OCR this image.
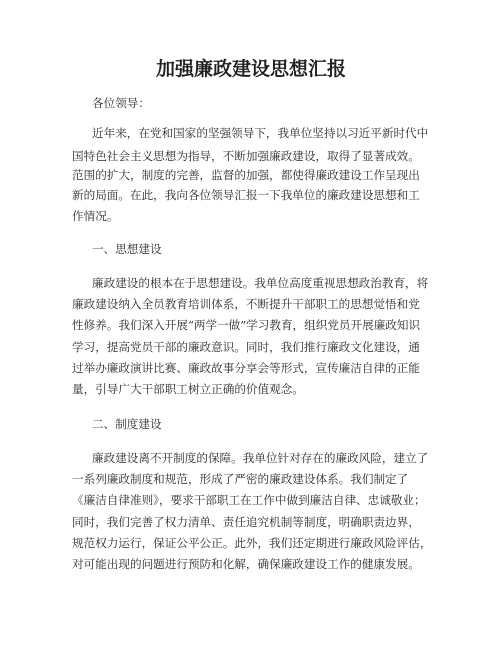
加强廉政建设思想汇报
各位领导：
近年来，在党和国家的坚强领导下，我单位坚持以习近平新时代中
国特色社会主义思想为指导，不断加强廉政建设，取得了显著成效。
范围的扩大，制度的完善，监督的加强，都使得廉政建设工作呈现出
新的局面。在此，我向各位领导汇报一下我单位的廉政建设思想和工
作情况。
一、思想建设
廉政建设的根本在于思想建设。我单位高度重视思想政治教育，将
廉政建设纳入全员教育培训体系，不断提升干部职工的思想觉悟和党
性修养。我们深入开展“两学一做”学习教育，组织党员开展廉政知识
学习，提高党员干部的廉政意识。同时，我们推行廉政文化建设，通
过举办廉政演讲比赛、廉政故事分享会等形式，宣传廉洁自律的正能
量，引导广大干部职工树立正确的价值观念。
二、制度建设
廉政建设离不开制度的保障。我单位针对存在的廉政风险，建立了
一系列廉政制度和规范，形成了严密的廉政建设体系。我们制定了
《廉洁自律准则》，要求干部职工在工作中做到廉洁自律、忠诚敬业；
同时，我们完善了权力清单、责任追究机制等制度，明确职责边界，
规范权力运行，保证公平公正。此外，我们还定期进行廉政风险评估，
对可能出现的问题进行预防和化解，确保廉政建设工作的健康发展。
